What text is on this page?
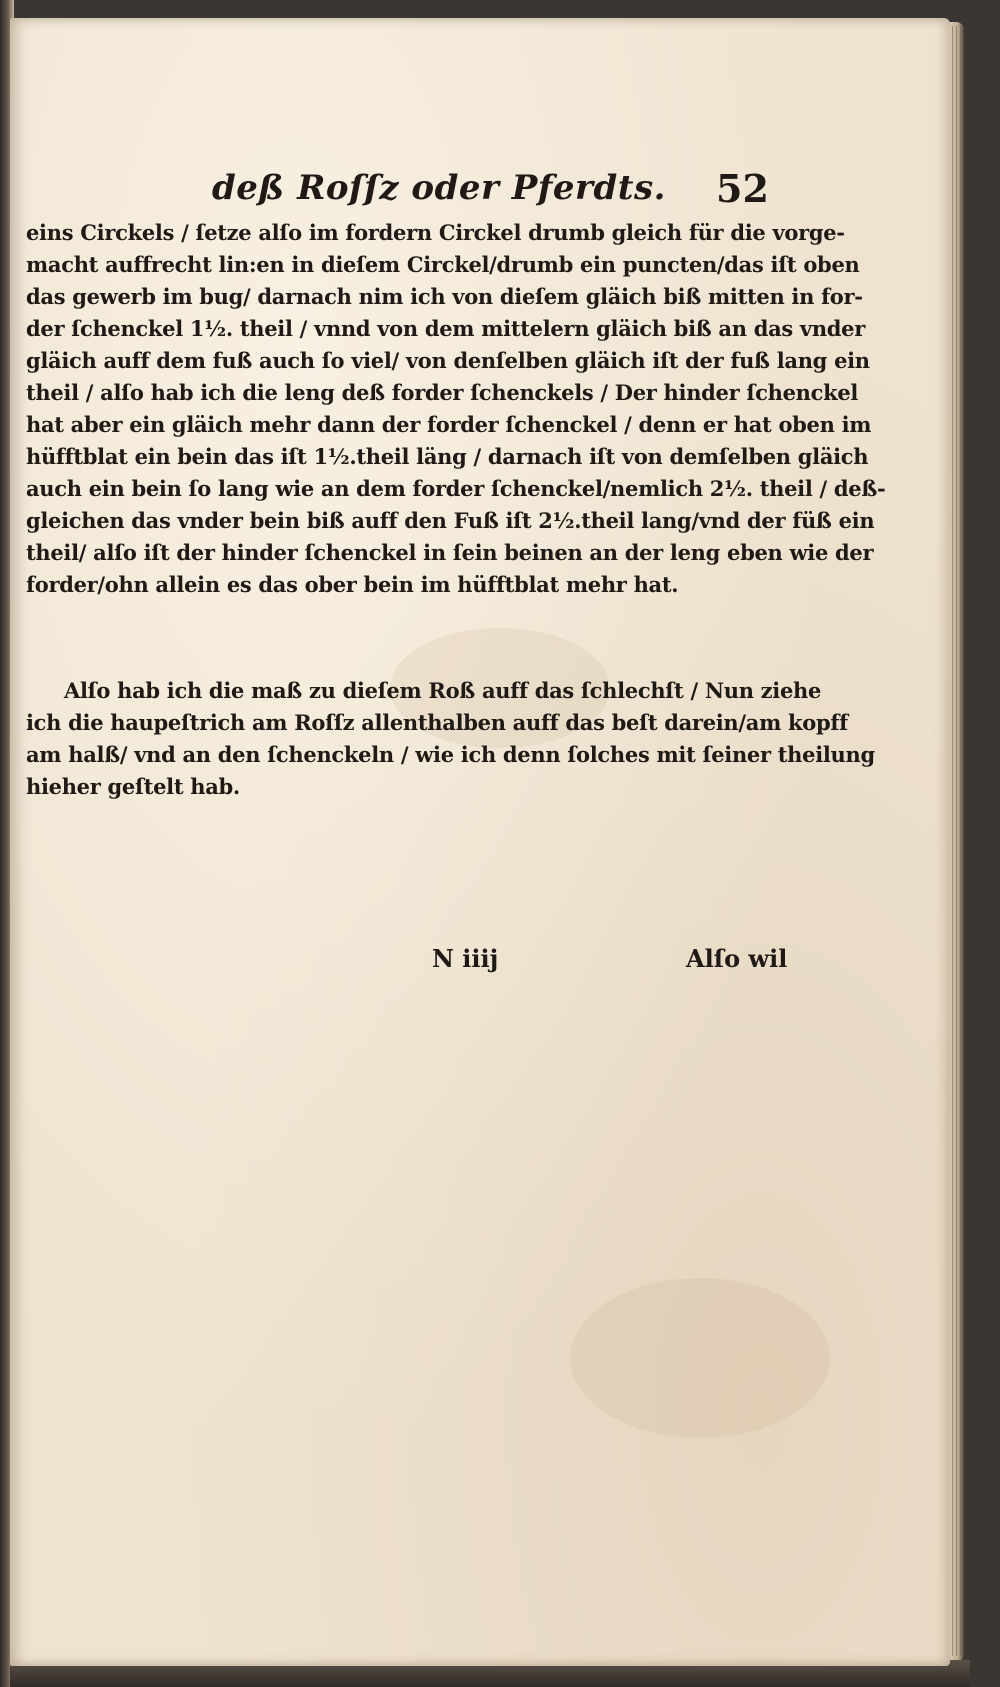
deß Roſſz oder Pferdts. 52
eins Circkels / ſetze alſo im fordern Circkel drumb gleich für die vorge-
macht auffrecht lin:en in dieſem Circkel/drumb ein puncten/das iſt oben
das gewerb im bug/ darnach nim ich von dieſem gläich biß mitten in for-
der ſchenckel 1½. theil / vnnd von dem mittelern gläich biß an das vnder
gläich auff dem fuß auch ſo viel/ von denſelben gläich iſt der fuß lang ein
theil / alſo hab ich die leng deß forder ſchenckels / Der hinder ſchenckel
hat aber ein gläich mehr dann der forder ſchenckel / denn er hat oben im
hüfftblat ein bein das iſt 1½.theil läng / darnach iſt von demſelben gläich
auch ein bein ſo lang wie an dem forder ſchenckel/nemlich 2½. theil / deß-
gleichen das vnder bein biß auff den Fuß iſt 2½.theil lang/vnd der füß ein
theil/ alſo iſt der hinder ſchenckel in ſein beinen an der leng eben wie der
forder/ohn allein es das ober bein im hüfftblat mehr hat.
Alſo hab ich die maß zu dieſem Roß auff das ſchlechſt / Nun ziehe
ich die haupeſtrich am Roſſz allenthalben auff das beſt darein/am kopff
am halß/ vnd an den ſchenckeln / wie ich denn ſolches mit ſeiner theilung
hieher geſtelt hab.
N iiij	Alſo wil
